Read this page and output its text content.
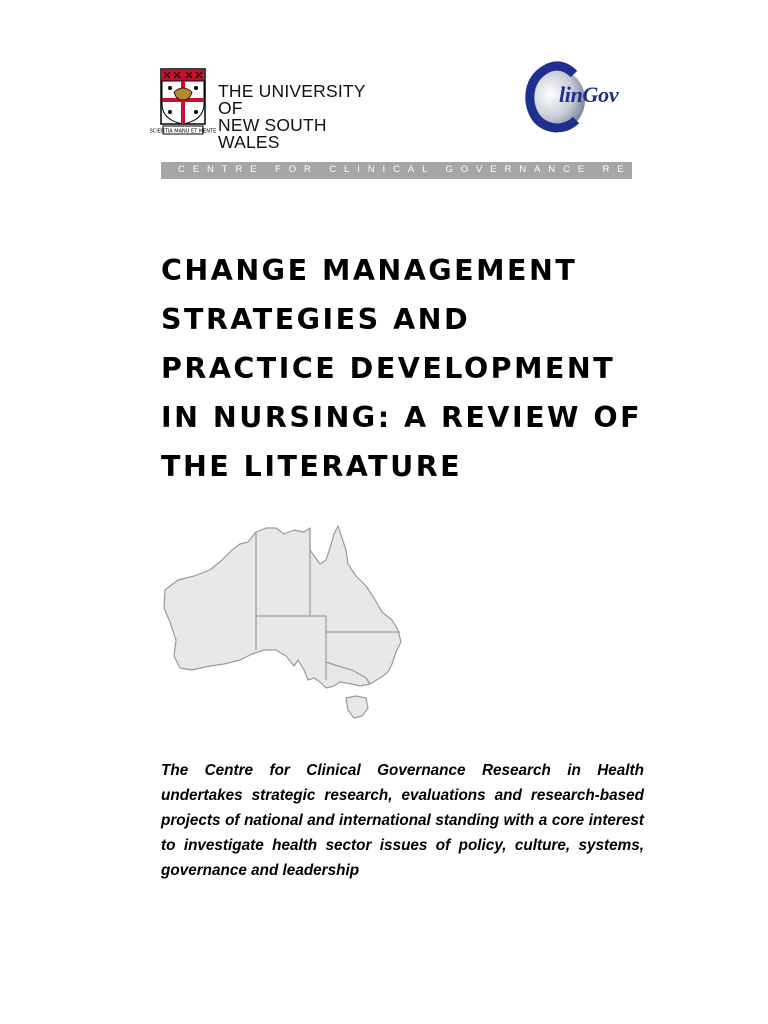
SCIENTIA MANU ET MENTE
THE UNIVERSITY OF
NEW SOUTH WALES
linGov
CENTRE FOR CLINICAL GOVERNANCE RESEARCH
CHANGE MANAGEMENT
STRATEGIES AND
PRACTICE DEVELOPMENT
IN NURSING: A REVIEW OF
THE LITERATURE

The Centre for Clinical Governance Research in Health undertakes strategic research, evaluations and research-based projects of national and international standing with a core interest to investigate health sector issues of policy, culture, systems, governance and leadership
